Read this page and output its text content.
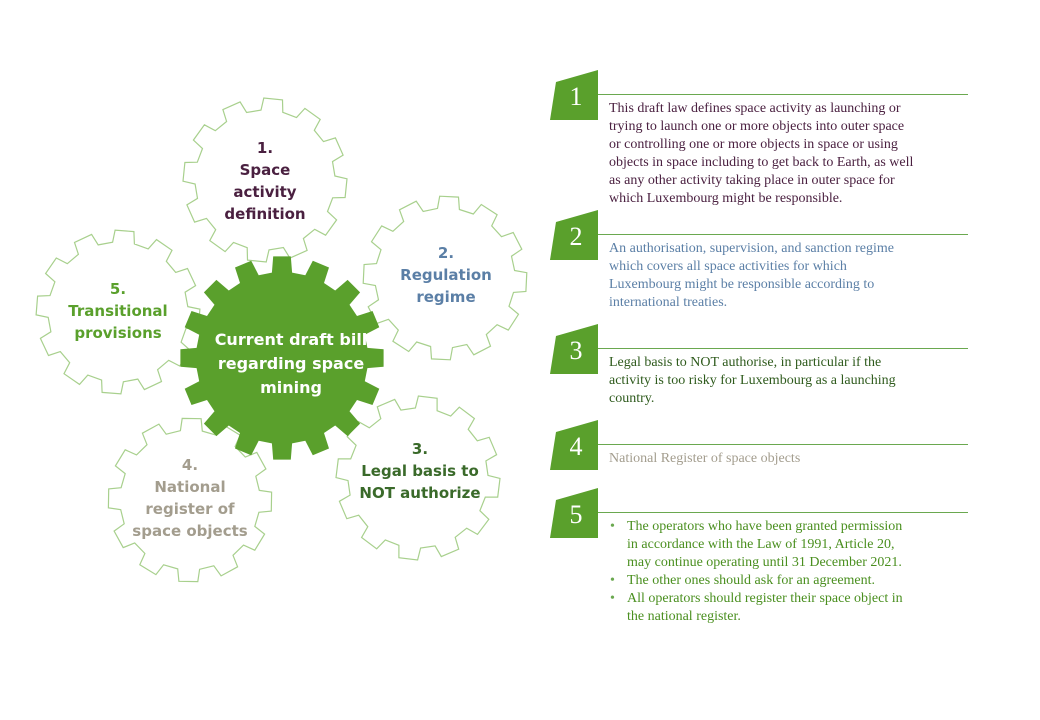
Current draft bill
regarding space
mining
1.
Space
activity
definition
2.
Regulation
regime
3.
Legal basis to
NOT authorize
4.
National
register of
space objects
5.
Transitional
provisions
1	This draft law defines space activity as launching or
trying to launch one or more objects into outer space
or controlling one or more objects in space or using
objects in space including to get back to Earth, as well
as any other activity taking place in outer space for
which Luxembourg might be responsible.
2	An authorisation, supervision, and sanction regime
which covers all space activities for which
Luxembourg might be responsible according to
international treaties.
3	Legal basis to NOT authorise, in particular if the
activity is too risky for Luxembourg as a launching
country.
4	National Register of space objects
5
•	The operators who have been granted permission
in accordance with the Law of 1991, Article 20,
may continue operating until 31 December 2021.
• The other ones should ask for an agreement.
• All operators should register their space object in
the national register.
